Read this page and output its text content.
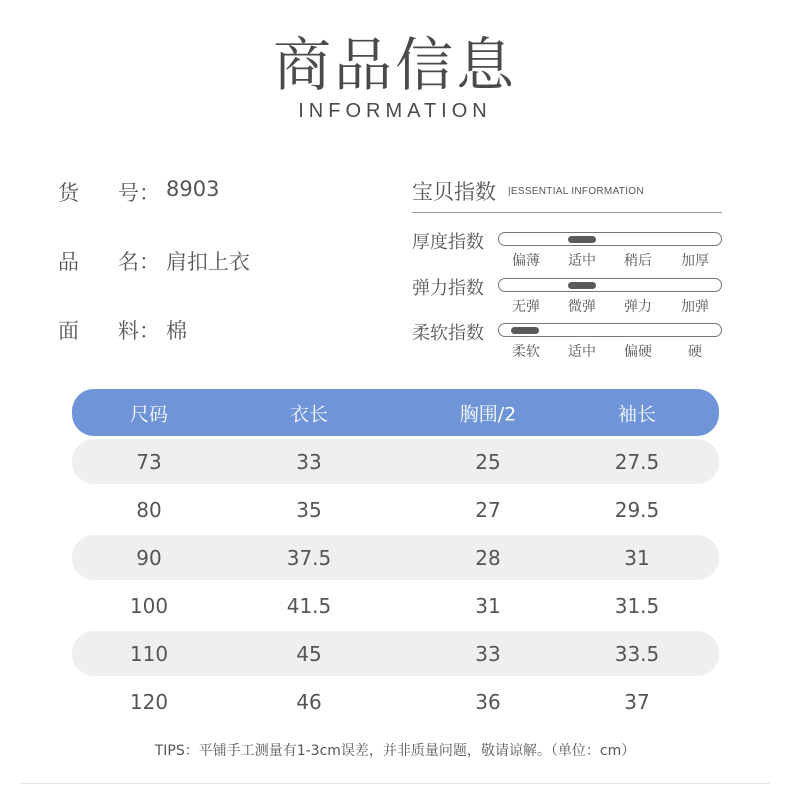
商品信息
INFORMATION
货	号： 8903
品	名： 肩扣上衣
面	料： 棉
宝贝指数 |ESSENTIAL INFORMATION
厚度指数
偏薄 适中 稍后 加厚
弹力指数
无弹 微弹 弹力 加弹
柔软指数
柔软 适中 偏硬	硬
尺码	衣长	胸围/2	袖长
73	33	25	27.5
80	35	27	29.5
90	37.5	28	31
100	41.5	31	31.5
110	45	33	33.5
120	46	36	37
TIPS：平铺手工测量有1-3cm误差，并非质量问题，敬请谅解。（单位：cm）
